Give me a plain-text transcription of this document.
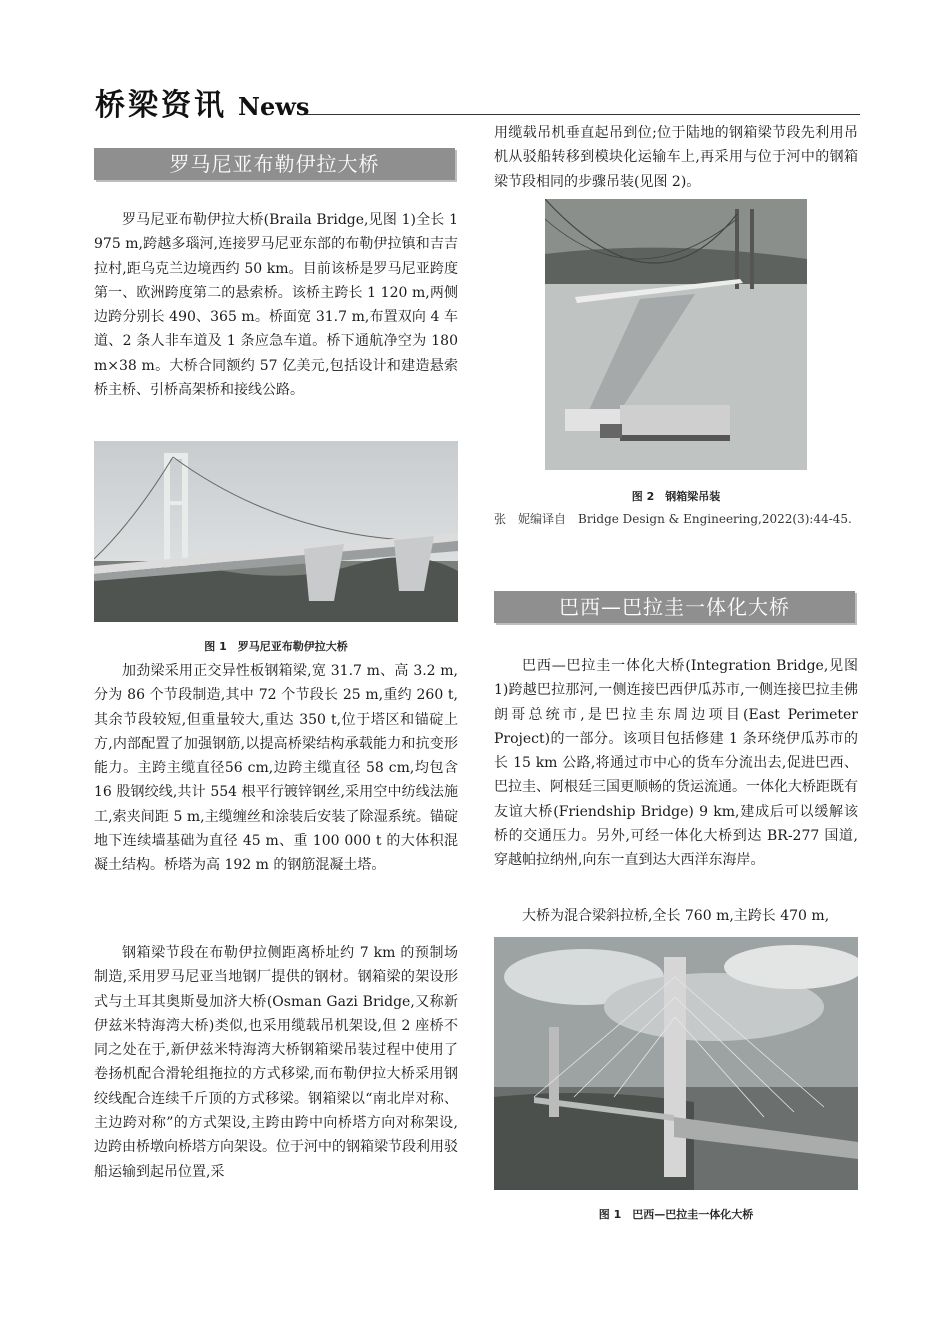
桥梁资讯 News
罗马尼亚布勒伊拉大桥

罗马尼亚布勒伊拉大桥(Braila Bridge,见图 1)全长 1 975 m,跨越多瑙河,连接罗马尼亚东部的布勒伊拉镇和吉吉拉村,距乌克兰边境西约 50 km。目前该桥是罗马尼亚跨度第一、欧洲跨度第二的悬索桥。该桥主跨长 1 120 m,两侧边跨分别长 490、365 m。桥面宽 31.7 m,布置双向 4 车道、2 条人非车道及 1 条应急车道。桥下通航净空为 180 m×38 m。大桥合同额约 57 亿美元,包括设计和建造悬索桥主桥、引桥高架桥和接线公路。

图 1　罗马尼亚布勒伊拉大桥

加劲梁采用正交异性板钢箱梁,宽 31.7 m、高 3.2 m,分为 86 个节段制造,其中 72 个节段长 25 m,重约 260 t,其余节段较短,但重量较大,重达 350 t,位于塔区和锚碇上方,内部配置了加强钢筋,以提高桥梁结构承载能力和抗变形能力。主跨主缆直径56 cm,边跨主缆直径 58 cm,均包含 16 股钢绞线,共计 554 根平行镀锌钢丝,采用空中纺线法施工,索夹间距 5 m,主缆缠丝和涂装后安装了除湿系统。锚碇地下连续墙基础为直径 45 m、重 100 000 t 的大体积混凝土结构。桥塔为高 192 m 的钢筋混凝土塔。

钢箱梁节段在布勒伊拉侧距离桥址约 7 km 的预制场制造,采用罗马尼亚当地钢厂提供的钢材。钢箱梁的架设形式与土耳其奥斯曼加济大桥(Osman Gazi Bridge,又称新伊兹米特海湾大桥)类似,也采用缆载吊机架设,但 2 座桥不同之处在于,新伊兹米特海湾大桥钢箱梁吊装过程中使用了卷扬机配合滑轮组拖拉的方式移梁,而布勒伊拉大桥采用钢绞线配合连续千斤顶的方式移梁。钢箱梁以“南北岸对称、主边跨对称”的方式架设,主跨由跨中向桥塔方向对称架设,边跨由桥墩向桥塔方向架设。位于河中的钢箱梁节段利用驳船运输到起吊位置,采

用缆载吊机垂直起吊到位;位于陆地的钢箱梁节段先利用吊机从驳船转移到模块化运输车上,再采用与位于河中的钢箱梁节段相同的步骤吊装(见图 2)。

图 2　钢箱梁吊装

张　妮编译自　Bridge Design & Engineering,2022(3):44-45.

巴西—巴拉圭一体化大桥

巴西—巴拉圭一体化大桥(Integration Bridge,见图 1)跨越巴拉那河,一侧连接巴西伊瓜苏市,一侧连接巴拉圭佛朗哥总统市,是巴拉圭东周边项目(East Perimeter Project)的一部分。该项目包括修建 1 条环绕伊瓜苏市的长 15 km 公路,将通过市中心的货车分流出去,促进巴西、巴拉圭、阿根廷三国更顺畅的货运流通。一体化大桥距既有友谊大桥(Friendship Bridge) 9 km,建成后可以缓解该桥的交通压力。另外,可经一体化大桥到达 BR-277 国道,穿越帕拉纳州,向东一直到达大西洋东海岸。

大桥为混合梁斜拉桥,全长 760 m,主跨长 470 m,

图 1　巴西—巴拉圭一体化大桥
